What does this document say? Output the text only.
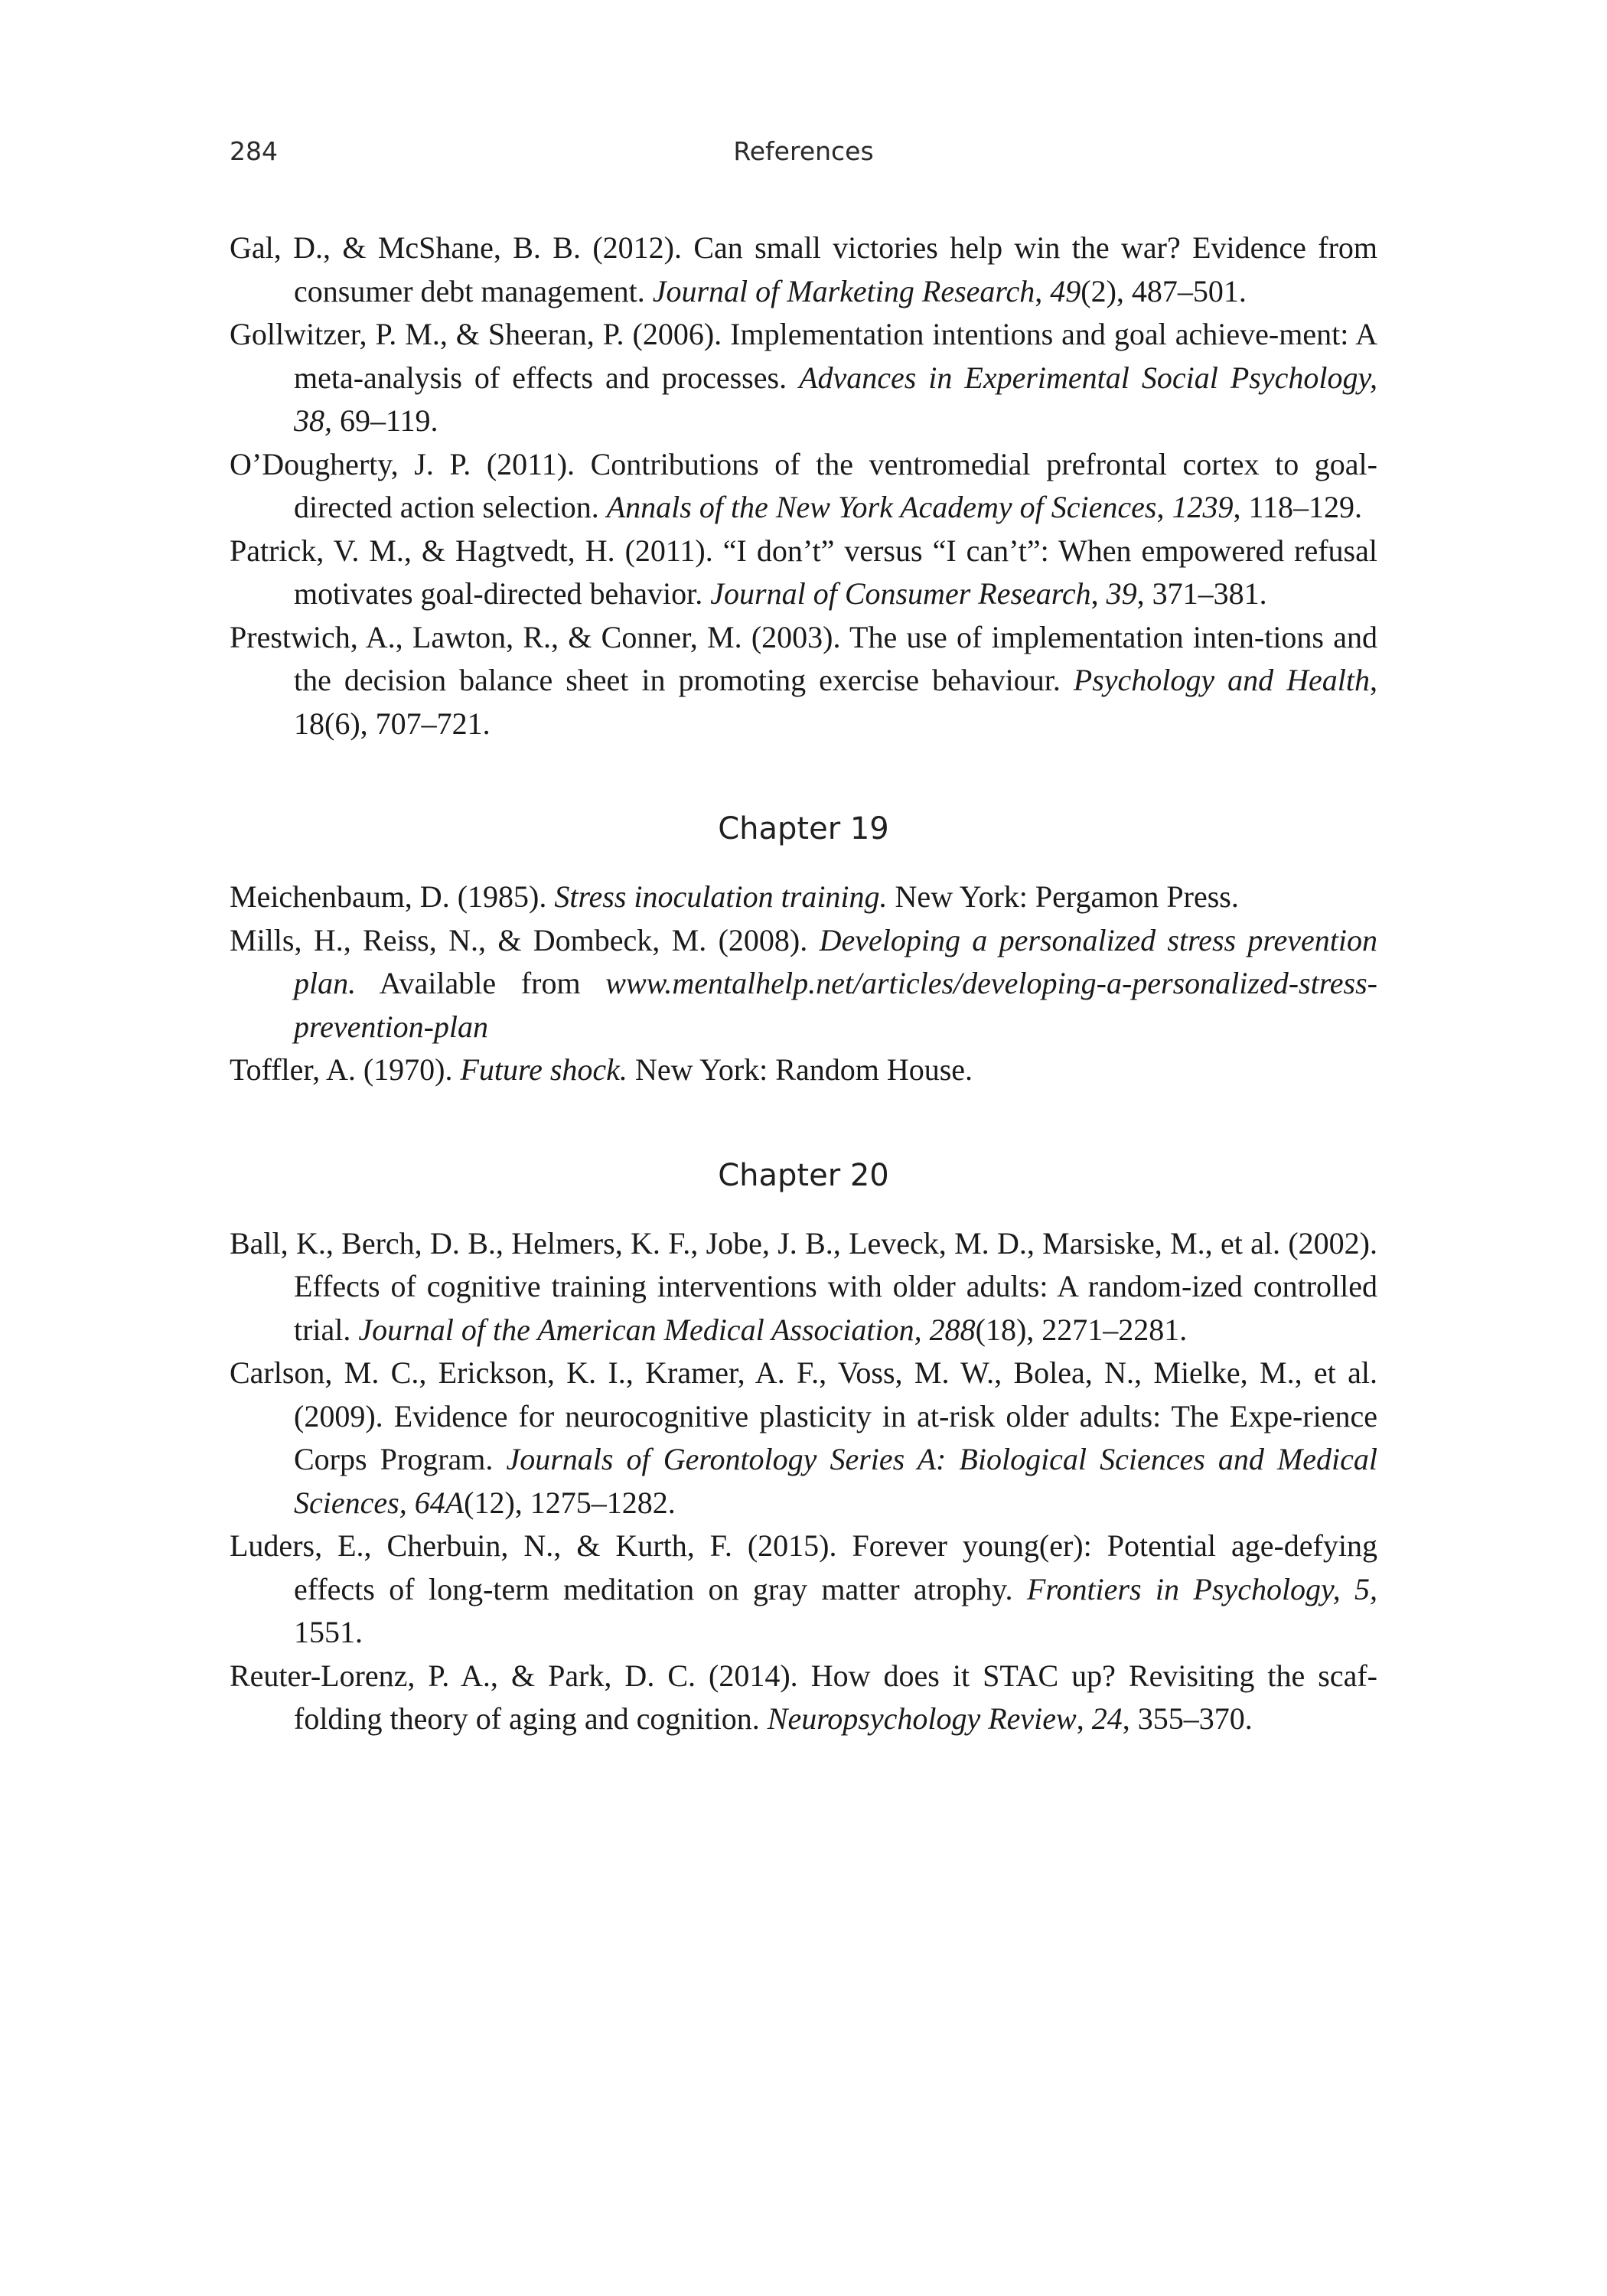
284	References

Gal, D., & McShane, B. B. (2012). Can small victories help win the war? Evidence from consumer debt management. Journal of Marketing Research, 49(2), 487–501.

Gollwitzer, P. M., & Sheeran, P. (2006). Implementation intentions and goal achieve-ment: A meta-analysis of effects and processes. Advances in Experimental Social Psychology, 38, 69–119.

O’Dougherty, J. P. (2011). Contributions of the ventromedial prefrontal cortex to goal-directed action selection. Annals of the New York Academy of Sciences, 1239, 118–129.

Patrick, V. M., & Hagtvedt, H. (2011). “I don’t” versus “I can’t”: When empowered refusal motivates goal-directed behavior. Journal of Consumer Research, 39, 371–381.

Prestwich, A., Lawton, R., & Conner, M. (2003). The use of implementation inten-tions and the decision balance sheet in promoting exercise behaviour. Psychology and Health, 18(6), 707–721.

Chapter 19

Meichenbaum, D. (1985). Stress inoculation training. New York: Pergamon Press.

Mills, H., Reiss, N., & Dombeck, M. (2008). Developing a personalized stress prevention plan. Available from www.mentalhelp.net/articles/developing-a-personalized-stress-prevention-plan

Toffler, A. (1970). Future shock. New York: Random House.

Chapter 20

Ball, K., Berch, D. B., Helmers, K. F., Jobe, J. B., Leveck, M. D., Marsiske, M., et al. (2002). Effects of cognitive training interventions with older adults: A random-ized controlled trial. Journal of the American Medical Association, 288(18), 2271–2281.

Carlson, M. C., Erickson, K. I., Kramer, A. F., Voss, M. W., Bolea, N., Mielke, M., et al. (2009). Evidence for neurocognitive plasticity in at-risk older adults: The Expe-rience Corps Program. Journals of Gerontology Series A: Biological Sciences and Medical Sciences, 64A(12), 1275–1282.

Luders, E., Cherbuin, N., & Kurth, F. (2015). Forever young(er): Potential age-defying effects of long-term meditation on gray matter atrophy. Frontiers in Psychology, 5, 1551.

Reuter-Lorenz, P. A., & Park, D. C. (2014). How does it STAC up? Revisiting the scaf-folding theory of aging and cognition. Neuropsychology Review, 24, 355–370.
